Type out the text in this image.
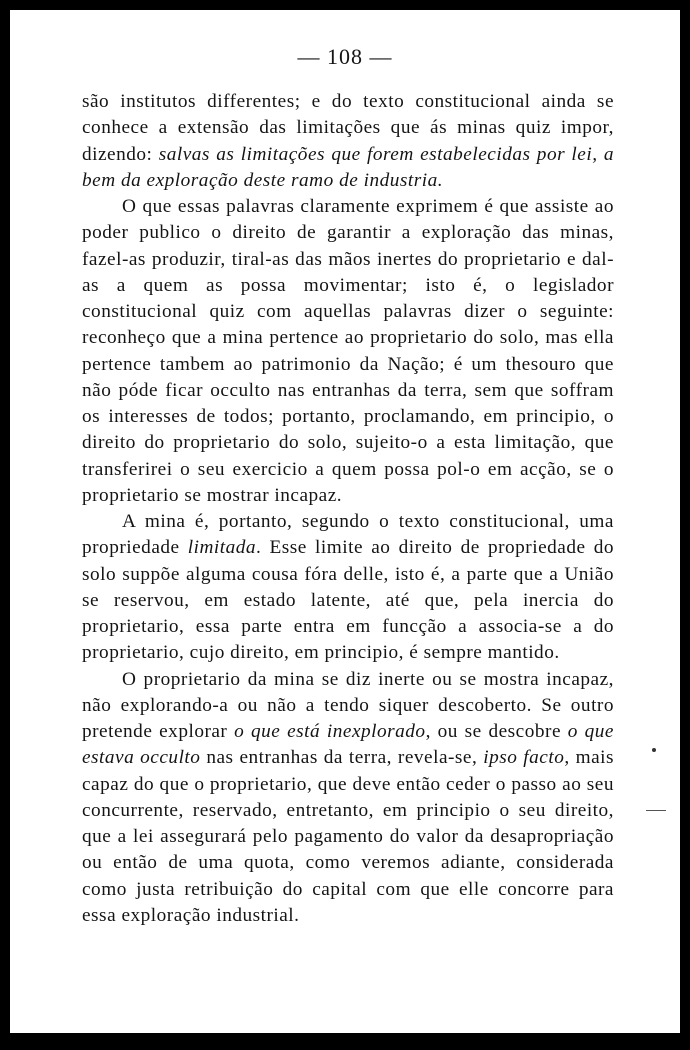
— 108 —

são institutos differentes; e do texto constitucional ainda se conhece a extensão das limitações que ás minas quiz impor, dizendo: salvas as limitações que forem estabelecidas por lei, a bem da exploração deste ramo de industria.

O que essas palavras claramente exprimem é que assiste ao poder publico o direito de garantir a exploração das minas, fazel-as produzir, tiral-as das mãos inertes do proprietario e dal-as a quem as possa movimentar; isto é, o legislador constitucional quiz com aquellas palavras dizer o seguinte: reconheço que a mina pertence ao proprietario do solo, mas ella pertence tambem ao patrimonio da Nação; é um thesouro que não póde ficar occulto nas entranhas da terra, sem que soffram os interesses de todos; portanto, proclamando, em principio, o direito do proprietario do solo, sujeito-o a esta limitação, que transferirei o seu exercicio a quem possa pol-o em acção, se o proprietario se mostrar incapaz.

A mina é, portanto, segundo o texto constitucional, uma propriedade limitada. Esse limite ao direito de propriedade do solo suppõe alguma cousa fóra delle, isto é, a parte que a União se reservou, em estado latente, até que, pela inercia do proprietario, essa parte entra em funcção a associa-se a do proprietario, cujo direito, em principio, é sempre mantido.

O proprietario da mina se diz inerte ou se mostra incapaz, não explorando-a ou não a tendo siquer descoberto. Se outro pretende explorar o que está inexplorado, ou se descobre o que estava occulto nas entranhas da terra, revela-se, ipso facto, mais capaz do que o proprietario, que deve então ceder o passo ao seu concurrente, reservado, entretanto, em principio o seu direito, que a lei assegurará pelo pagamento do valor da desapropriação ou então de uma quota, como veremos adiante, considerada como justa retribuição do capital com que elle concorre para essa exploração industrial.
